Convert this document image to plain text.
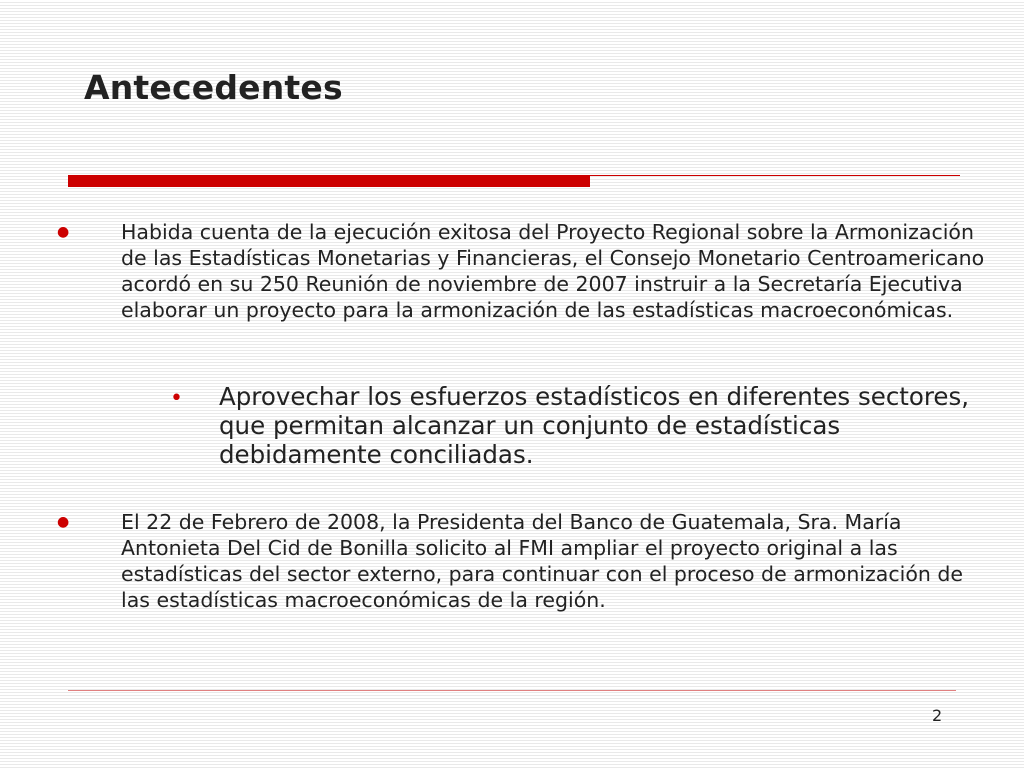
Antecedentes
●	Habida cuenta de la ejecución exitosa del Proyecto Regional sobre la Armonización de las Estadísticas Monetarias y Financieras, el Consejo Monetario Centroamericano acordó en su 250 Reunión de noviembre de 2007 instruir a la Secretaría Ejecutiva elaborar un proyecto para la armonización de las estadísticas macroeconómicas.

• Aprovechar los esfuerzos estadísticos en diferentes sectores, que permitan alcanzar un conjunto de estadísticas debidamente conciliadas.

●	El 22 de Febrero de 2008, la Presidenta del Banco de Guatemala, Sra. María Antonieta Del Cid de Bonilla solicito al FMI ampliar el proyecto original a las estadísticas del sector externo, para continuar con el proceso de armonización de las estadísticas macroeconómicas de la región.

2
